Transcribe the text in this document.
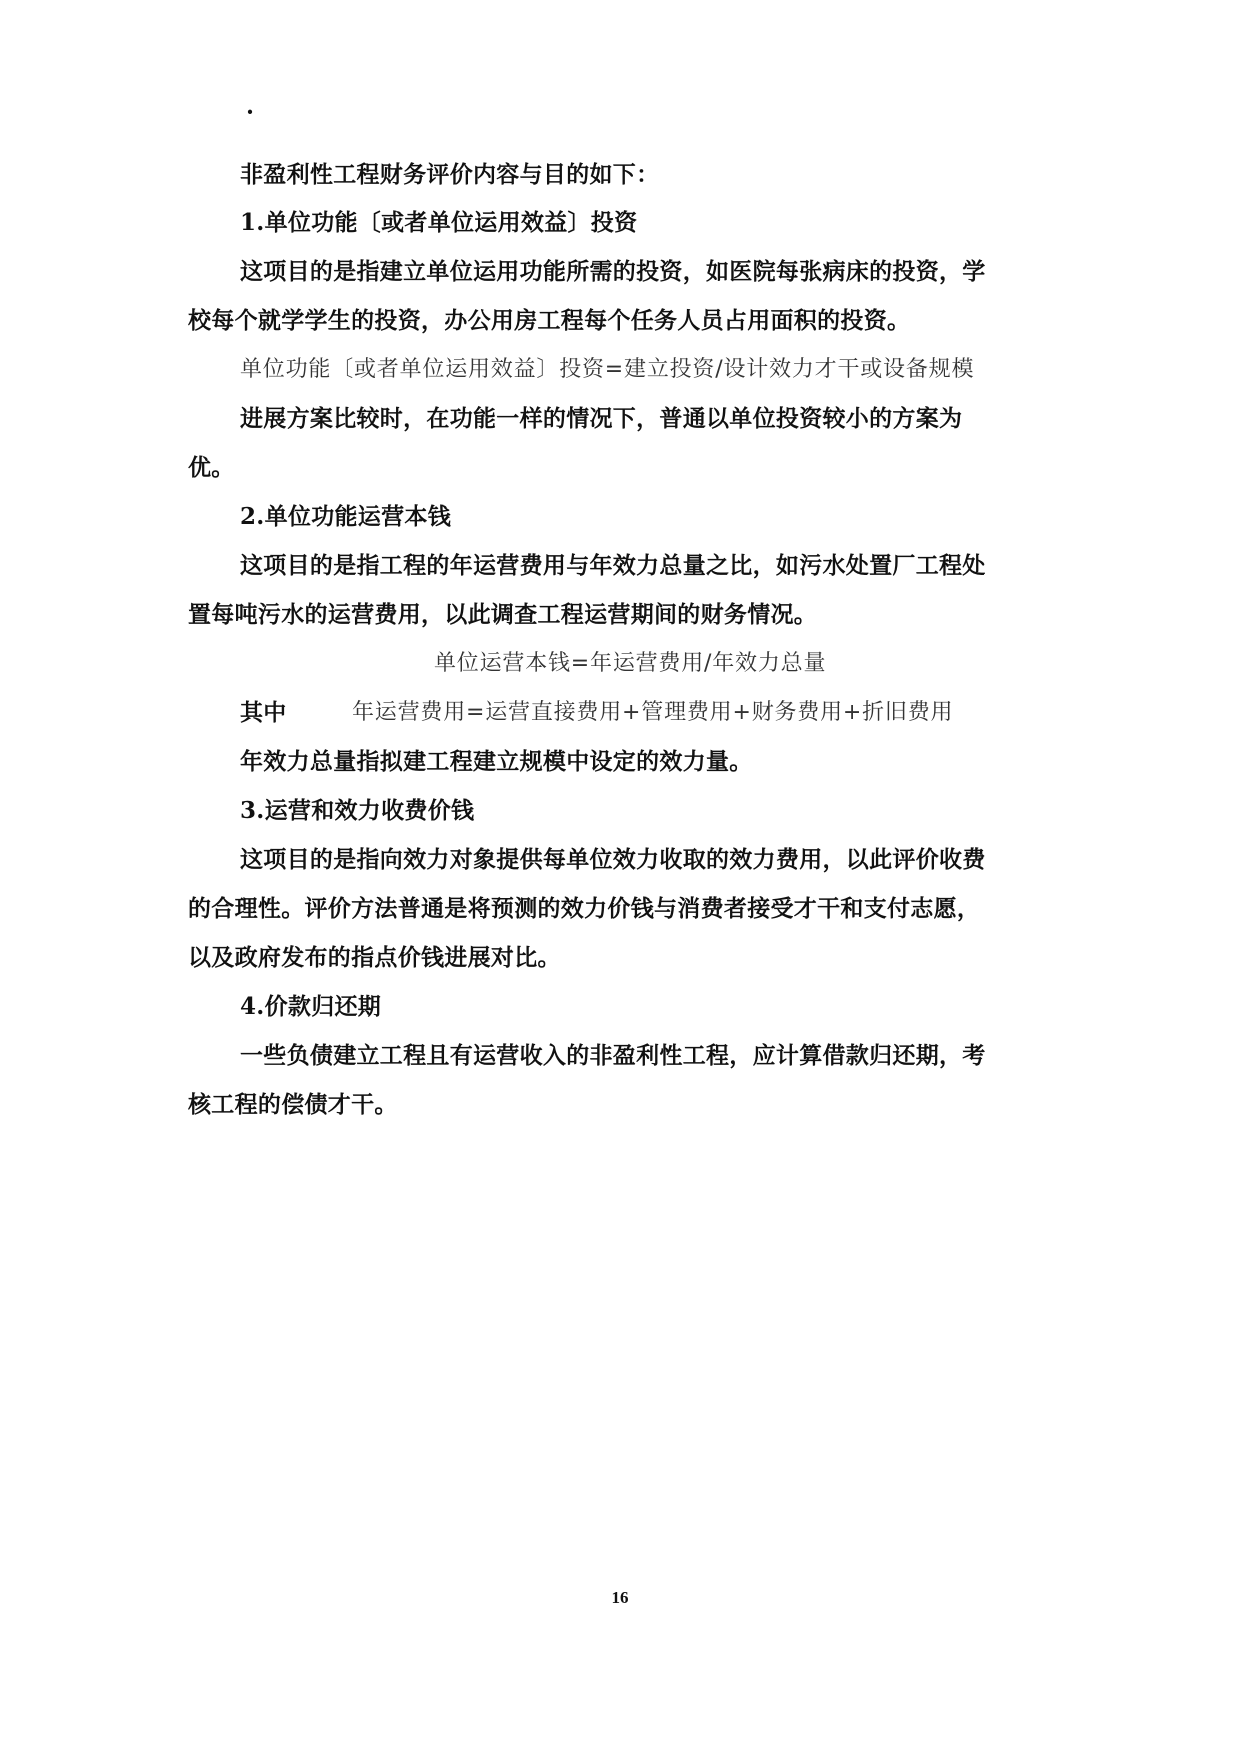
·
非盈利性工程财务评价内容与目的如下：
1.单位功能〔或者单位运用效益〕投资
这项目的是指建立单位运用功能所需的投资，如医院每张病床的投资，学
校每个就学学生的投资，办公用房工程每个任务人员占用面积的投资。
单位功能〔或者单位运用效益〕投资=建立投资/设计效力才干或设备规模
进展方案比较时，在功能一样的情况下，普通以单位投资较小的方案为
优。
2.单位功能运营本钱
这项目的是指工程的年运营费用与年效力总量之比，如污水处置厂工程处
置每吨污水的运营费用，以此调查工程运营期间的财务情况。
单位运营本钱=年运营费用/年效力总量
其中	年运营费用=运营直接费用+管理费用+财务费用+折旧费用
年效力总量指拟建工程建立规模中设定的效力量。
3.运营和效力收费价钱
这项目的是指向效力对象提供每单位效力收取的效力费用，以此评价收费
的合理性。评价方法普通是将预测的效力价钱与消费者接受才干和支付志愿，
以及政府发布的指点价钱进展对比。
4.价款归还期
一些负债建立工程且有运营收入的非盈利性工程，应计算借款归还期，考
核工程的偿债才干。
16
